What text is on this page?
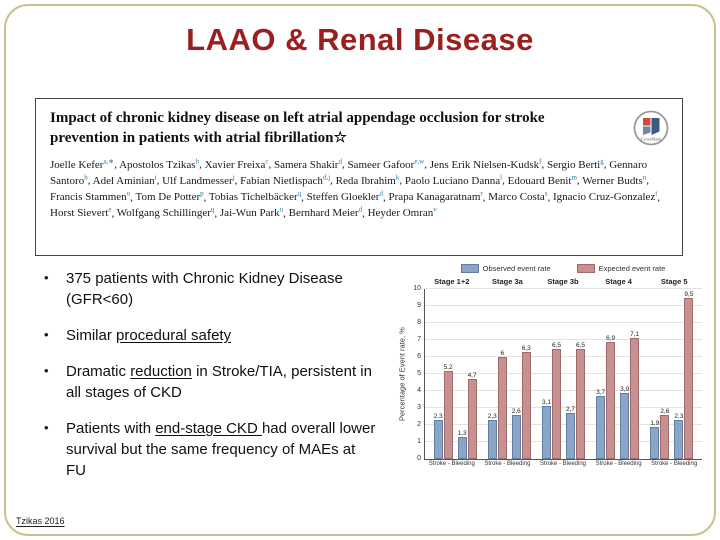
LAAO & Renal Disease
Impact of chronic kidney disease on left atrial appendage occlusion for stroke prevention in patients with atrial fibrillation☆	CrossMark
Joelle Kefer$^{a,∗}$, Apostolos Tzikas$^b$, Xavier Freixa$^c$, Samera Shakir$^d$, Sameer Gafoor$^{e,w}$, Jens Erik Nielsen-Kudsk$^f$, Sergio Berti$^g$, Gennaro Santoro$^h$, Adel Aminian$^i$, Ulf Landmesser$^j$, Fabian Nietlispach$^{d,j}$, Reda Ibrahim$^k$, Paolo Luciano Danna$^l$, Edouard Benit$^m$, Werner Budts$^n$, Francis Stammen$^o$, Tom De Potter$^p$, Tobias Tichelbäcker$^q$, Steffen Gloekler$^d$, Prapa Kanagaratnam$^r$, Marco Costa$^s$, Ignacio Cruz-Gonzalez$^t$, Horst Sievert$^e$, Wolfgang Schillinger$^q$, Jai-Wun Park$^u$, Bernhard Meier$^d$, Heyder Omran$^v$
•	375 patients with Chronic Kidney Disease (GFR<60)
•	Similar procedural safety
•	Dramatic reduction in Stroke/TIA, persistent in all stages of CKD
•	Patients with end-stage CKD had overall lower survival but the same frequency of MAEs at FU
Observed event rate	Expected event rate
Stage 1+2	Stage 3a	Stage 3b	Stage 4	Stage 5
Percentage of Event rate, %
0
1
2
3
4
5
6
7
8
9
10
2,3
5,2
1,3
4,7
2,3
6
2,6
6,3
3,1
6,5
2,7
6,5
3,7
6,9
3,9
7,1
1,9
2,6
2,3
9,5
Stroke - Bleeding	Stroke - Bleeding	Stroke - Bleeding	Stroke - Bleeding	Stroke - Bleeding
Tzikas 2016
